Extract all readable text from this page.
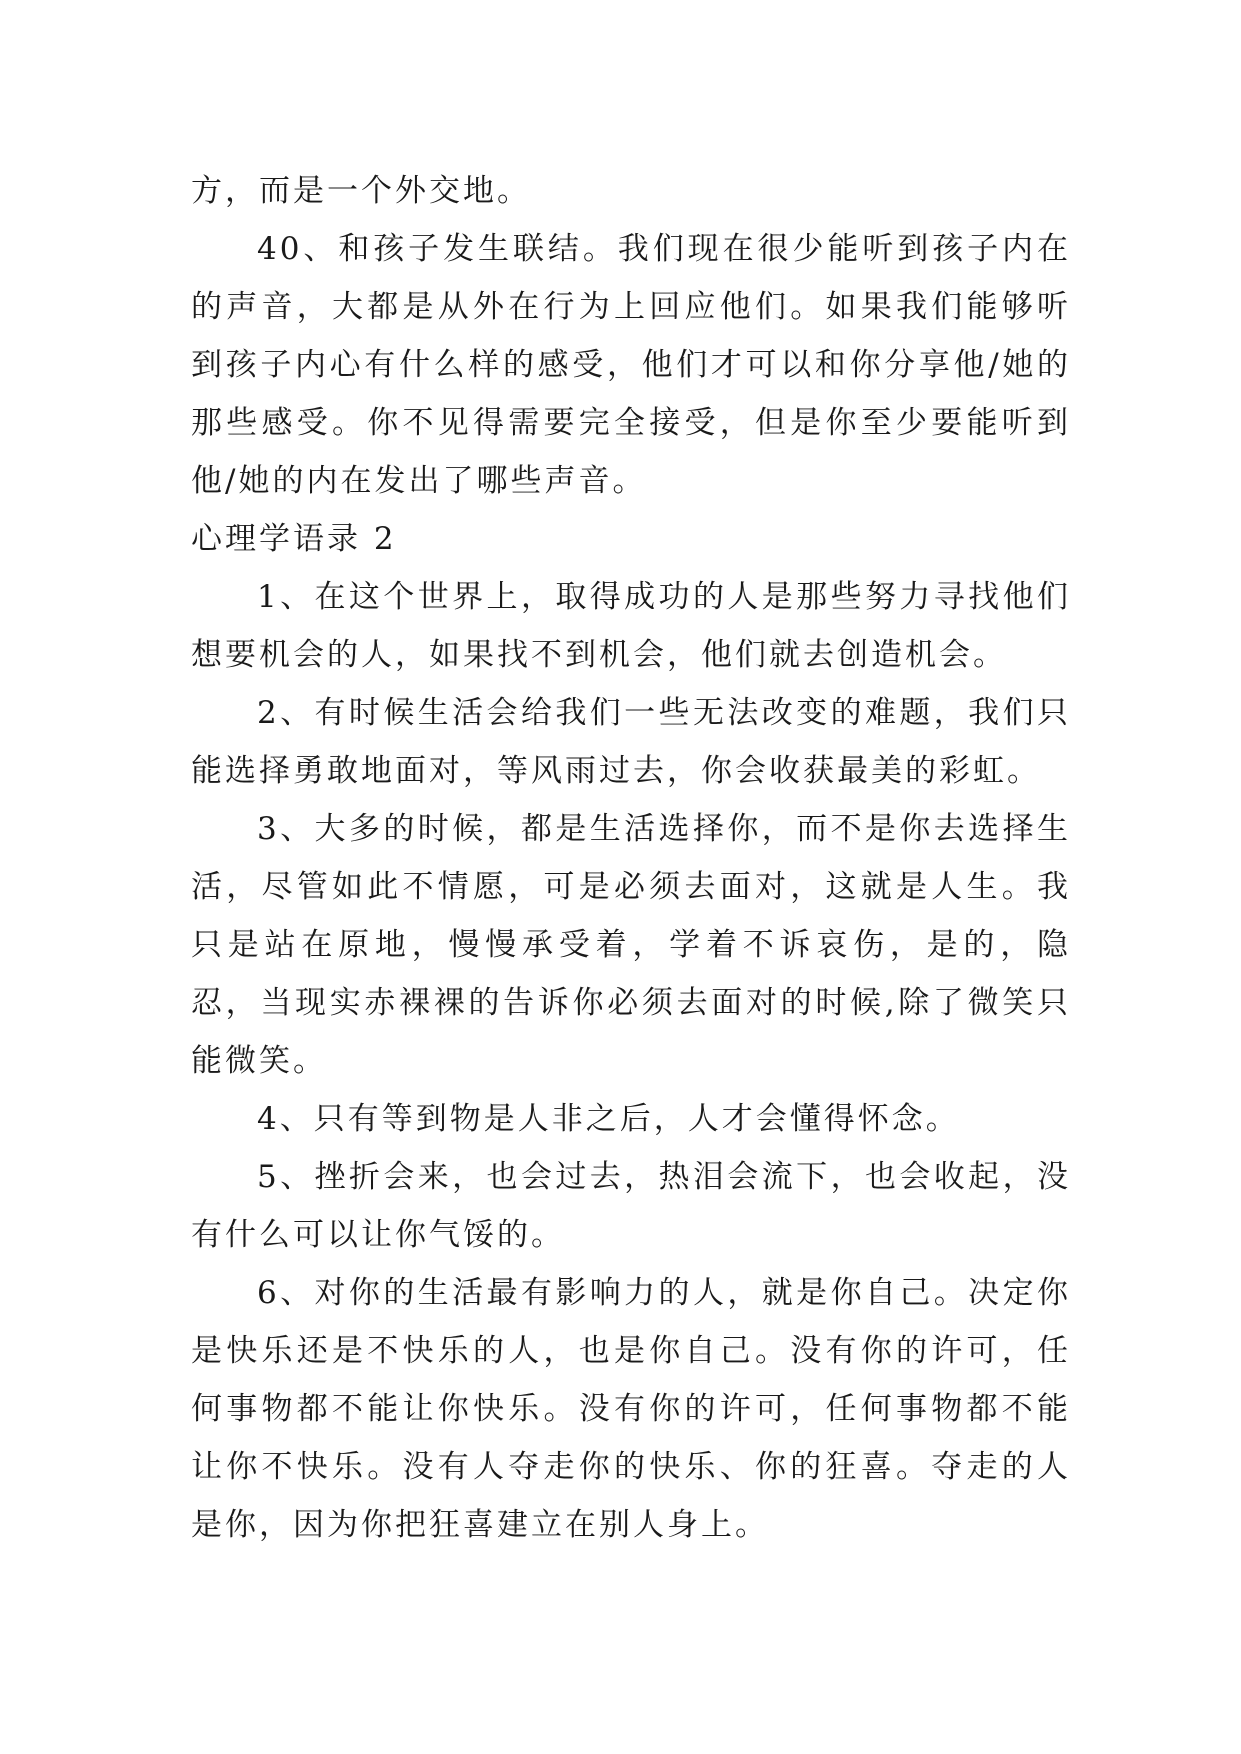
方，而是一个外交地。

40、和孩子发生联结。我们现在很少能听到孩子内在的声音，大都是从外在行为上回应他们。如果我们能够听到孩子内心有什么样的感受，他们才可以和你分享他/她的那些感受。你不见得需要完全接受，但是你至少要能听到他/她的内在发出了哪些声音。

心理学语录 2

1、在这个世界上，取得成功的人是那些努力寻找他们想要机会的人，如果找不到机会，他们就去创造机会。

2、有时候生活会给我们一些无法改变的难题，我们只能选择勇敢地面对，等风雨过去，你会收获最美的彩虹。

3、大多的时候，都是生活选择你，而不是你去选择生活，尽管如此不情愿，可是必须去面对，这就是人生。我只是站在原地，慢慢承受着，学着不诉哀伤，是的，隐忍，当现实赤裸裸的告诉你必须去面对的时候,除了微笑只能微笑。

4、只有等到物是人非之后，人才会懂得怀念。

5、挫折会来，也会过去，热泪会流下，也会收起，没有什么可以让你气馁的。

6、对你的生活最有影响力的人，就是你自己。决定你是快乐还是不快乐的人，也是你自己。没有你的许可，任何事物都不能让你快乐。没有你的许可，任何事物都不能让你不快乐。没有人夺走你的快乐、你的狂喜。夺走的人是你，因为你把狂喜建立在别人身上。
